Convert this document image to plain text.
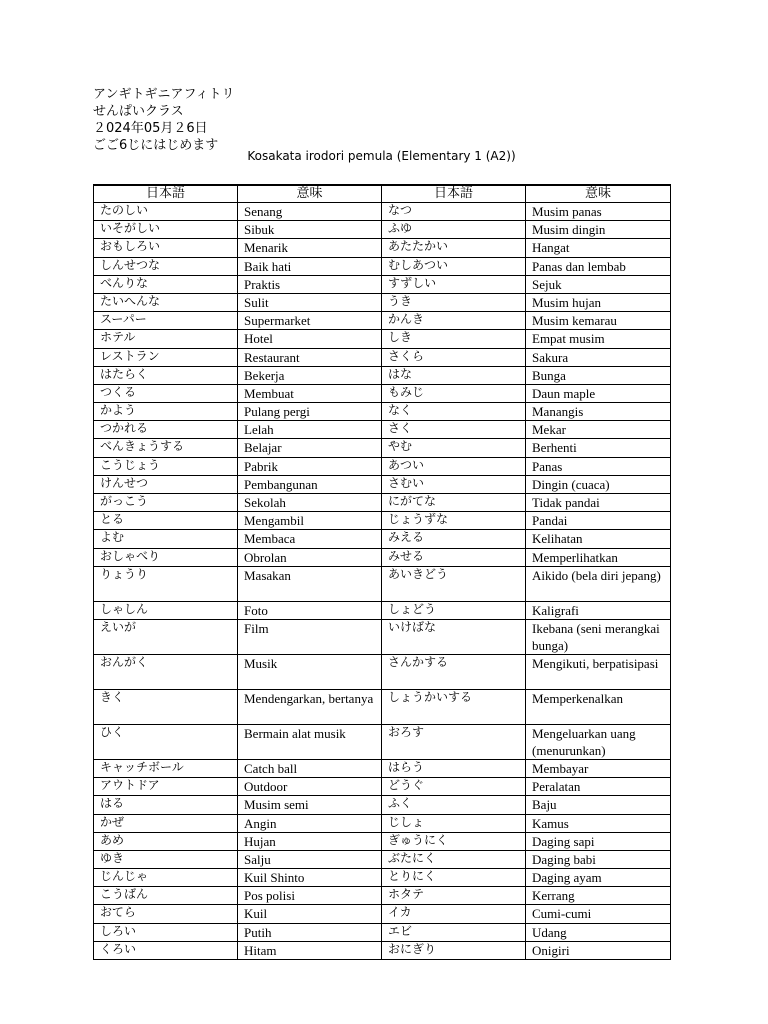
アンギトギニアフィトリ
せんぱいクラス
２024年05月２6日
ごご6じにはじめます
Kosakata irodori pemula (Elementary 1 (A2))
日本語	意味	日本語	意味
たのしい	Senang	なつ	Musim panas
いそがしい	Sibuk	ふゆ	Musim dingin
おもしろい	Menarik	あたたかい	Hangat
しんせつな	Baik hati	むしあつい	Panas dan lembab
べんりな	Praktis	すずしい	Sejuk
たいへんな	Sulit	うき	Musim hujan
スーパー	Supermarket	かんき	Musim kemarau
ホテル	Hotel	しき	Empat musim
レストラン	Restaurant	さくら	Sakura
はたらく	Bekerja	はな	Bunga
つくる	Membuat	もみじ	Daun maple
かよう	Pulang pergi	なく	Manangis
つかれる	Lelah	さく	Mekar
べんきょうする	Belajar	やむ	Berhenti
こうじょう	Pabrik	あつい	Panas
けんせつ	Pembangunan	さむい	Dingin (cuaca)
がっこう	Sekolah	にがてな	Tidak pandai
とる	Mengambil	じょうずな	Pandai
よむ	Membaca	みえる	Kelihatan
おしゃべり	Obrolan	みせる	Memperlihatkan
りょうり	Masakan	あいきどう	Aikido (bela diri jepang)
しゃしん	Foto	しょどう	Kaligrafi
えいが	Film	いけばな	Ikebana (seni merangkai bunga)
おんがく	Musik	さんかする	Mengikuti, berpatisipasi
きく	Mendengarkan, bertanya	しょうかいする	Memperkenalkan
ひく	Bermain alat musik	おろす	Mengeluarkan uang (menurunkan)
キャッチボール	Catch ball	はらう	Membayar
アウトドア	Outdoor	どうぐ	Peralatan
はる	Musim semi	ふく	Baju
かぜ	Angin	じしょ	Kamus
あめ	Hujan	ぎゅうにく	Daging sapi
ゆき	Salju	ぶたにく	Daging babi
じんじゃ	Kuil Shinto	とりにく	Daging ayam
こうばん	Pos polisi	ホタテ	Kerrang
おてら	Kuil	イカ	Cumi-cumi
しろい	Putih	エビ	Udang
くろい	Hitam	おにぎり	Onigiri
